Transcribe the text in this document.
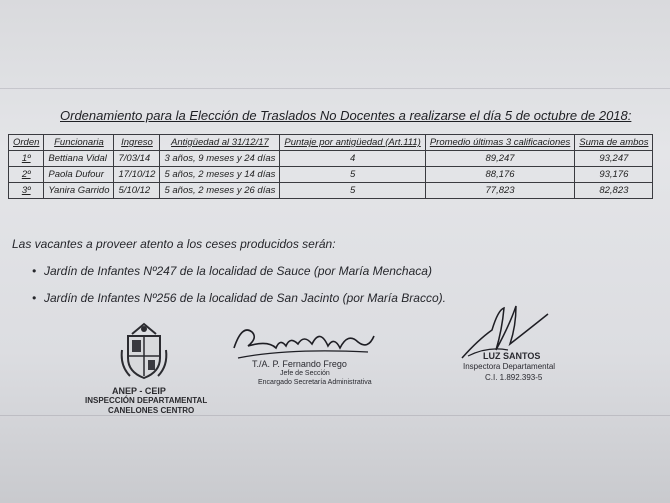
Ordenamiento para la Elección de Traslados No Docentes a realizarse el día 5 de octubre de 2018:
Orden	Funcionaria	Ingreso	Antigüedad al 31/12/17	Puntaje por antigüedad (Art.111)	Promedio últimas 3 calificaciones	Suma de ambos
1º	Bettiana Vidal	7/03/14	3 años, 9 meses y 24 días	4	89,247	93,247
2º	Paola Dufour	17/10/12	5 años, 2 meses y 14 días	5	88,176	93,176
3º	Yanira Garrido	5/10/12	5 años, 2 meses y 26 días	5	77,823	82,823
Las vacantes a proveer atento a los ceses producidos serán:
• Jardín de Infantes Nº247 de la localidad de Sauce (por María Menchaca)
• Jardín de Infantes Nº256 de la localidad de San Jacinto (por María Bracco).
ANEP - CEIP
INSPECCIÓN DEPARTAMENTAL
CANELONES CENTRO
T./A. P. Fernando Frego
Jefe de Sección
Encargado Secretaría Administrativa
LUZ SANTOS
Inspectora Departamental
C.I. 1.892.393-5
